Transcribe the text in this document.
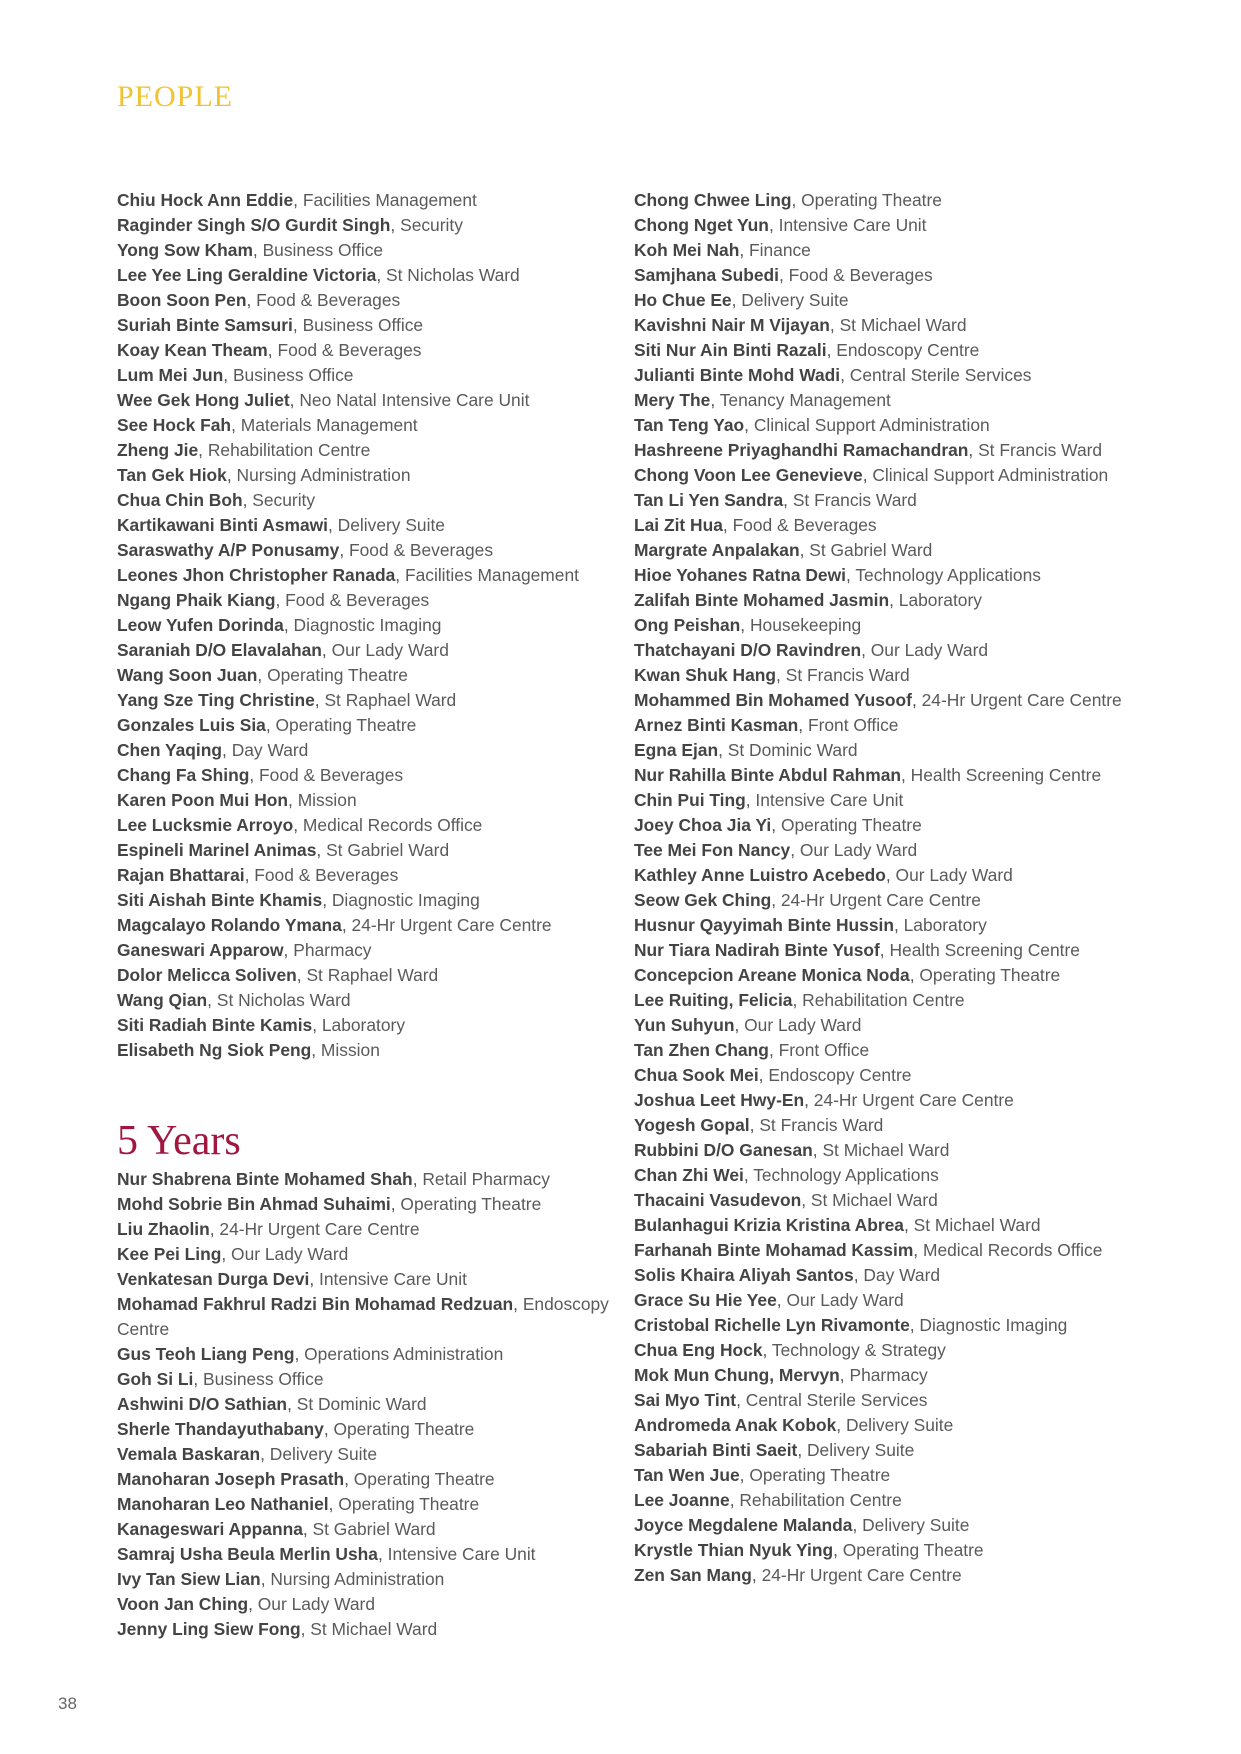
PEOPLE
Chiu Hock Ann Eddie, Facilities Management
Raginder Singh S/O Gurdit Singh, Security
Yong Sow Kham, Business Office
Lee Yee Ling Geraldine Victoria, St Nicholas Ward
Boon Soon Pen, Food & Beverages
Suriah Binte Samsuri, Business Office
Koay Kean Theam, Food & Beverages
Lum Mei Jun, Business Office
Wee Gek Hong Juliet, Neo Natal Intensive Care Unit
See Hock Fah, Materials Management
Zheng Jie, Rehabilitation Centre
Tan Gek Hiok, Nursing Administration
Chua Chin Boh, Security
Kartikawani Binti Asmawi, Delivery Suite
Saraswathy A/P Ponusamy, Food & Beverages
Leones Jhon Christopher Ranada, Facilities Management
Ngang Phaik Kiang, Food & Beverages
Leow Yufen Dorinda, Diagnostic Imaging
Saraniah D/O Elavalahan, Our Lady Ward
Wang Soon Juan, Operating Theatre
Yang Sze Ting Christine, St Raphael Ward
Gonzales Luis Sia, Operating Theatre
Chen Yaqing, Day Ward
Chang Fa Shing, Food & Beverages
Karen Poon Mui Hon, Mission
Lee Lucksmie Arroyo, Medical Records Office
Espineli Marinel Animas, St Gabriel Ward
Rajan Bhattarai, Food & Beverages
Siti Aishah Binte Khamis, Diagnostic Imaging
Magcalayo Rolando Ymana, 24-Hr Urgent Care Centre
Ganeswari Apparow, Pharmacy
Dolor Melicca Soliven, St Raphael Ward
Wang Qian, St Nicholas Ward
Siti Radiah Binte Kamis, Laboratory
Elisabeth Ng Siok Peng, Mission
5 Years
Nur Shabrena Binte Mohamed Shah, Retail Pharmacy
Mohd Sobrie Bin Ahmad Suhaimi, Operating Theatre
Liu Zhaolin, 24-Hr Urgent Care Centre
Kee Pei Ling, Our Lady Ward
Venkatesan Durga Devi, Intensive Care Unit
Mohamad Fakhrul Radzi Bin Mohamad Redzuan, Endoscopy Centre
Gus Teoh Liang Peng, Operations Administration
Goh Si Li, Business Office
Ashwini D/O Sathian, St Dominic Ward
Sherle Thandayuthabany, Operating Theatre
Vemala Baskaran, Delivery Suite
Manoharan Joseph Prasath, Operating Theatre
Manoharan Leo Nathaniel, Operating Theatre
Kanageswari Appanna, St Gabriel Ward
Samraj Usha Beula Merlin Usha, Intensive Care Unit
Ivy Tan Siew Lian, Nursing Administration
Voon Jan Ching, Our Lady Ward
Jenny Ling Siew Fong, St Michael Ward
Chong Chwee Ling, Operating Theatre
Chong Nget Yun, Intensive Care Unit
Koh Mei Nah, Finance
Samjhana Subedi, Food & Beverages
Ho Chue Ee, Delivery Suite
Kavishni Nair M Vijayan, St Michael Ward
Siti Nur Ain Binti Razali, Endoscopy Centre
Julianti Binte Mohd Wadi, Central Sterile Services
Mery The, Tenancy Management
Tan Teng Yao, Clinical Support Administration
Hashreene Priyaghandhi Ramachandran, St Francis Ward
Chong Voon Lee Genevieve, Clinical Support Administration
Tan Li Yen Sandra, St Francis Ward
Lai Zit Hua, Food & Beverages
Margrate Anpalakan, St Gabriel Ward
Hioe Yohanes Ratna Dewi, Technology Applications
Zalifah Binte Mohamed Jasmin, Laboratory
Ong Peishan, Housekeeping
Thatchayani D/O Ravindren, Our Lady Ward
Kwan Shuk Hang, St Francis Ward
Mohammed Bin Mohamed Yusoof, 24-Hr Urgent Care Centre
Arnez Binti Kasman, Front Office
Egna Ejan, St Dominic Ward
Nur Rahilla Binte Abdul Rahman, Health Screening Centre
Chin Pui Ting, Intensive Care Unit
Joey Choa Jia Yi, Operating Theatre
Tee Mei Fon Nancy, Our Lady Ward
Kathley Anne Luistro Acebedo, Our Lady Ward
Seow Gek Ching, 24-Hr Urgent Care Centre
Husnur Qayyimah Binte Hussin, Laboratory
Nur Tiara Nadirah Binte Yusof, Health Screening Centre
Concepcion Areane Monica Noda, Operating Theatre
Lee Ruiting, Felicia, Rehabilitation Centre
Yun Suhyun, Our Lady Ward
Tan Zhen Chang, Front Office
Chua Sook Mei, Endoscopy Centre
Joshua Leet Hwy-En, 24-Hr Urgent Care Centre
Yogesh Gopal, St Francis Ward
Rubbini D/O Ganesan, St Michael Ward
Chan Zhi Wei, Technology Applications
Thacaini Vasudevon, St Michael Ward
Bulanhagui Krizia Kristina Abrea, St Michael Ward
Farhanah Binte Mohamad Kassim, Medical Records Office
Solis Khaira Aliyah Santos, Day Ward
Grace Su Hie Yee, Our Lady Ward
Cristobal Richelle Lyn Rivamonte, Diagnostic Imaging
Chua Eng Hock, Technology & Strategy
Mok Mun Chung, Mervyn, Pharmacy
Sai Myo Tint, Central Sterile Services
Andromeda Anak Kobok, Delivery Suite
Sabariah Binti Saeit, Delivery Suite
Tan Wen Jue, Operating Theatre
Lee Joanne, Rehabilitation Centre
Joyce Megdalene Malanda, Delivery Suite
Krystle Thian Nyuk Ying, Operating Theatre
Zen San Mang, 24-Hr Urgent Care Centre
38
